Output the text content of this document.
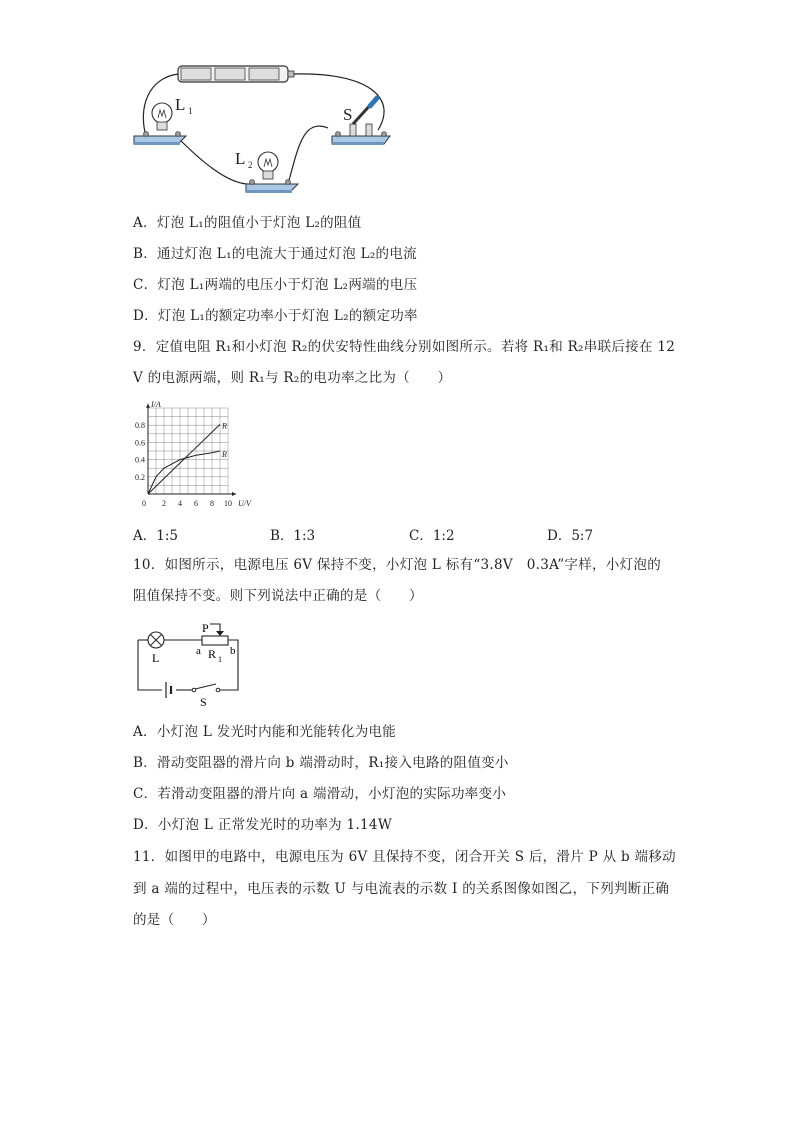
L 1
L 2
S
A．灯泡 L₁的阻值小于灯泡 L₂的阻值
B．通过灯泡 L₁的电流大于通过灯泡 L₂的电流
C．灯泡 L₁两端的电压小于灯泡 L₂两端的电压
D．灯泡 L₁的额定功率小于灯泡 L₂的额定功率
9．定值电阻 R₁和小灯泡 R₂的伏安特性曲线分别如图所示。若将 R₁和 R₂串联后接在 12
V 的电源两端，则 R₁与 R₂的电功率之比为（　　）
2 4 6 8 10
0.2
0.4
0.6
0.8
0
I/A
U/V
R
R
A．1:5	B．1:3	C．1:2	D．5:7
10．如图所示，电源电压 6V 保持不变，小灯泡 L 标有“3.8V　0.3A”字样，小灯泡的
阻值保持不变。则下列说法中正确的是（　　）
L
P
a	b
R 1
S
A．小灯泡 L 发光时内能和光能转化为电能
B．滑动变阻器的滑片向 b 端滑动时，R₁接入电路的阻值变小
C．若滑动变阻器的滑片向 a 端滑动，小灯泡的实际功率变小
D．小灯泡 L 正常发光时的功率为 1.14W
11．如图甲的电路中，电源电压为 6V 且保持不变，闭合开关 S 后，滑片 P 从 b 端移动
到 a 端的过程中，电压表的示数 U 与电流表的示数 I 的关系图像如图乙，下列判断正确
的是（　　）
